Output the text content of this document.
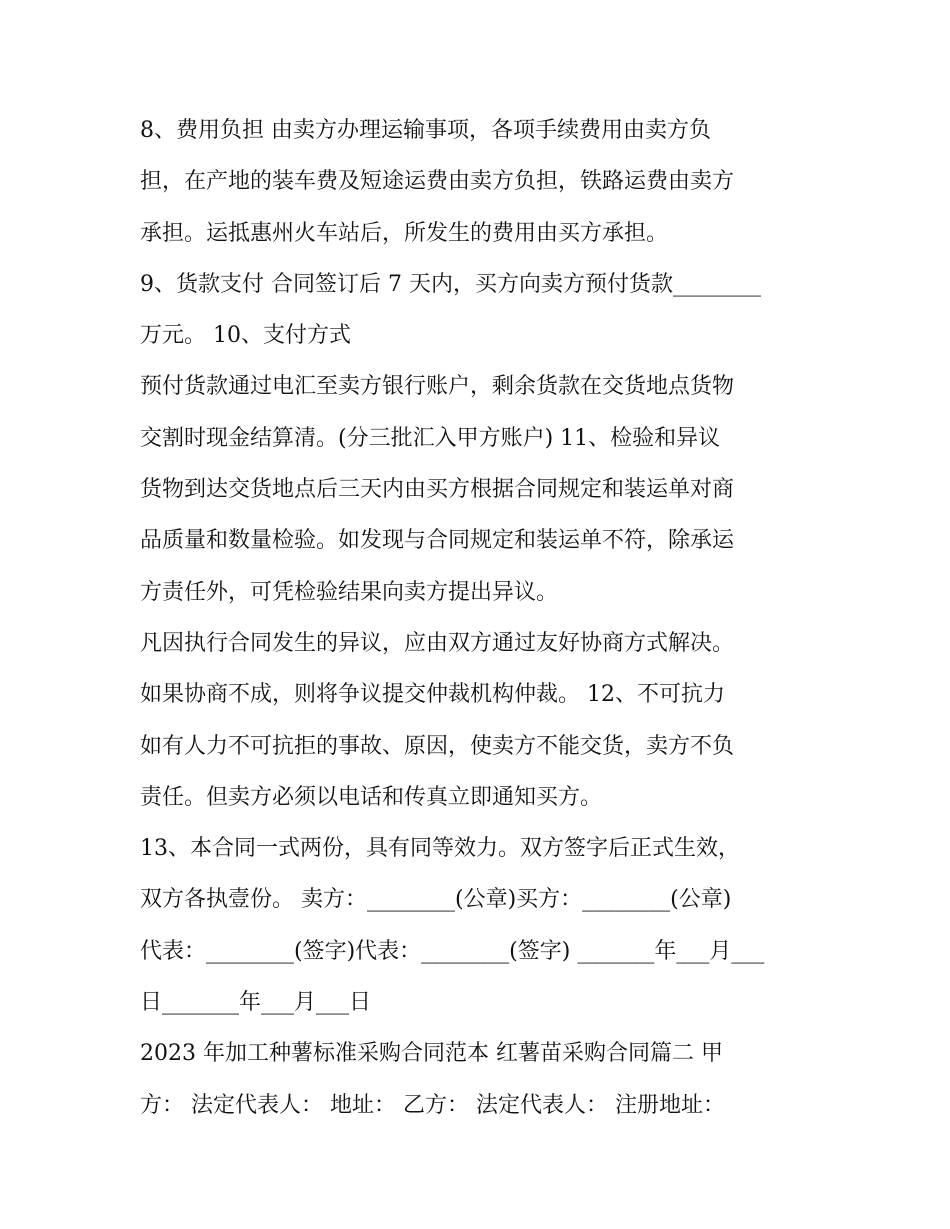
8、费用负担 由卖方办理运输事项，各项手续费用由卖方负
担，在产地的装车费及短途运费由卖方负担，铁路运费由卖方
承担。运抵惠州火车站后，所发生的费用由买方承担。
9、货款支付 合同签订后 7 天内，买方向卖方预付货款________
万元。 10、支付方式
预付货款通过电汇至卖方银行账户，剩余货款在交货地点货物
交割时现金结算清。(分三批汇入甲方账户) 11、检验和异议
货物到达交货地点后三天内由买方根据合同规定和装运单对商
品质量和数量检验。如发现与合同规定和装运单不符，除承运
方责任外，可凭检验结果向卖方提出异议。
凡因执行合同发生的异议，应由双方通过友好协商方式解决。
如果协商不成，则将争议提交仲裁机构仲裁。 12、不可抗力
如有人力不可抗拒的事故、原因，使卖方不能交货，卖方不负
责任。但卖方必须以电话和传真立即通知买方。
13、本合同一式两份，具有同等效力。双方签字后正式生效，
双方各执壹份。 卖方：________(公章)买方：________(公章)
代表：________(签字)代表：________(签字) _______年___月___
日_______年___月___日
2023 年加工种薯标准采购合同范本 红薯苗采购合同篇二 甲
方： 法定代表人： 地址： 乙方： 法定代表人： 注册地址：
